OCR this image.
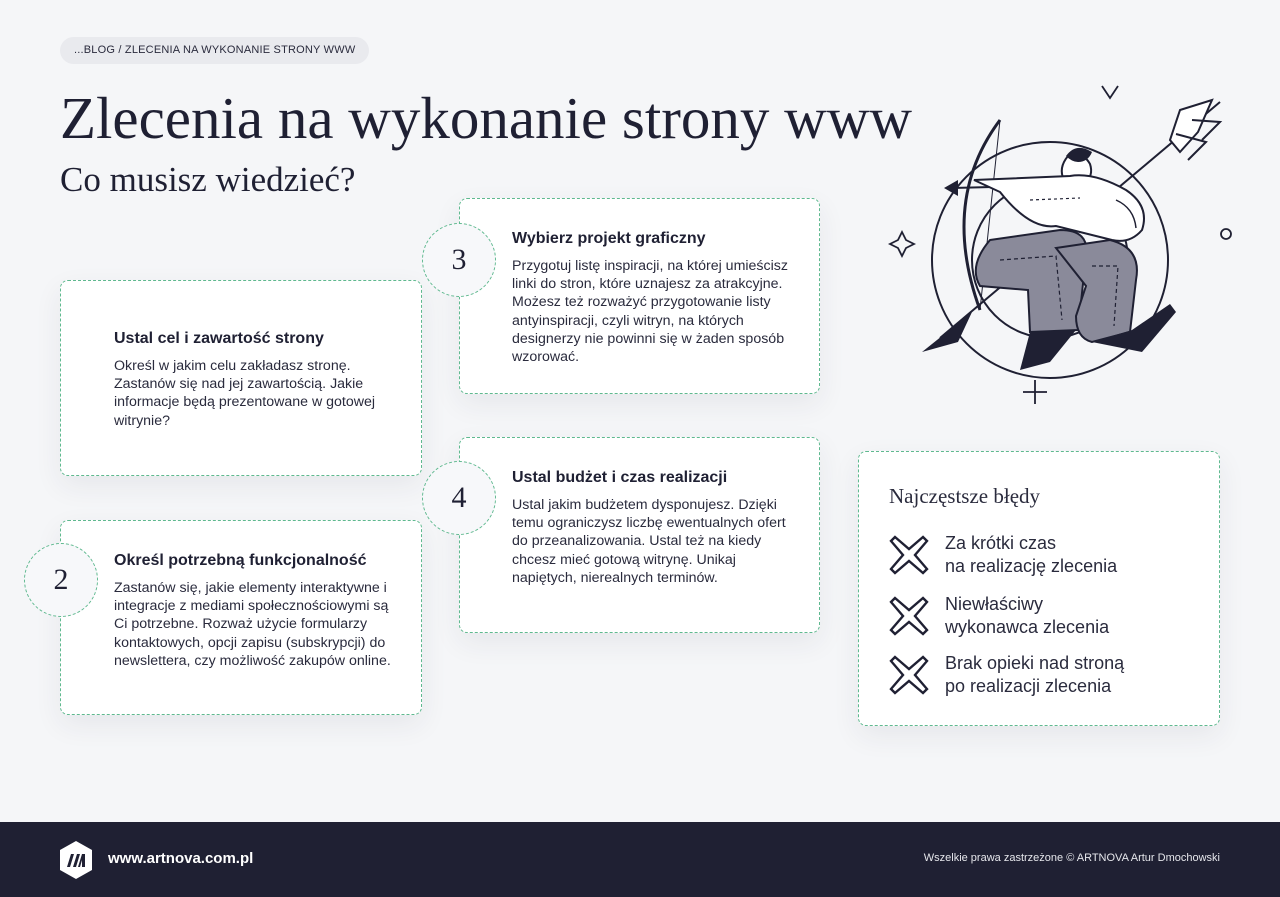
...BLOG / ZLECENIA NA WYKONANIE STRONY WWW
Zlecenia na wykonanie strony www
Co musisz wiedzieć?
Ustal cel i zawartość strony
Określ w jakim celu zakładasz stronę. Zastanów się nad jej zawartością. Jakie informacje będą prezentowane w gotowej witrynie?
Określ potrzebną funkcjonalność
Zastanów się, jakie elementy interaktywne i integracje z mediami społecznościowymi są Ci potrzebne. Rozważ użycie formularzy kontaktowych, opcji zapisu (subskrypcji) do newslettera, czy możliwość zakupów online.
2
Wybierz projekt graficzny
Przygotuj listę inspiracji, na której umieścisz linki do stron, które uznajesz za atrakcyjne. Możesz też rozważyć przygotowanie listy antyinspiracji, czyli witryn, na których designerzy nie powinni się w żaden sposób wzorować.
3
Ustal budżet i czas realizacji
Ustal jakim budżetem dysponujesz. Dzięki temu ograniczysz liczbę ewentualnych ofert do przeanalizowania. Ustal też na kiedy chcesz mieć gotową witrynę. Unikaj napiętych, nierealnych terminów.
4	Najczęstsze błędy
Za krótki czas
na realizację zlecenia
Niewłaściwy
wykonawca zlecenia
Brak opieki nad stroną
po realizacji zlecenia
www.artnova.com.pl	Wszelkie prawa zastrzeżone © ARTNOVA Artur Dmochowski
